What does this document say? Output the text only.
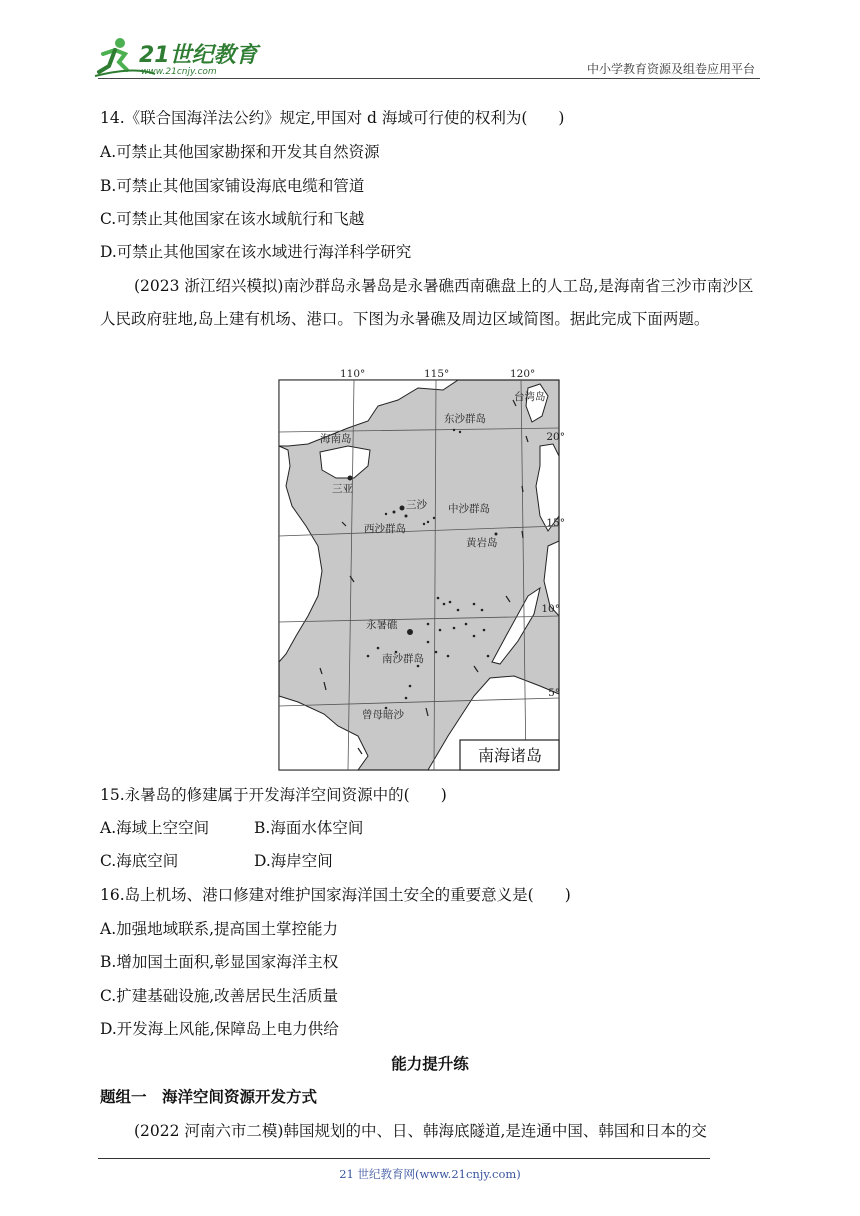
21世纪教育
www.21cnjy.com	中小学教育资源及组卷应用平台
14.《联合国海洋法公约》规定,甲国对 d 海域可行使的权利为(　　)
A.可禁止其他国家勘探和开发其自然资源
B.可禁止其他国家铺设海底电缆和管道
C.可禁止其他国家在该水域航行和飞越
D.可禁止其他国家在该水域进行海洋科学研究
(2023 浙江绍兴模拟)南沙群岛永暑岛是永暑礁西南礁盘上的人工岛,是海南省三沙市南沙区人民政府驻地,岛上建有机场、港口。下图为永暑礁及周边区域简图。据此完成下面两题。
110°	115°	120°
20°
15°
10°
5°
台湾岛
东沙群岛
海南岛
三亚
三沙 中沙群岛
西沙群岛
黄岩岛
永暑礁
南沙群岛
曾母暗沙
南海诸岛
15.永暑岛的修建属于开发海洋空间资源中的(　　)
A.海域上空空间	B.海面水体空间
C.海底空间	D.海岸空间
16.岛上机场、港口修建对维护国家海洋国土安全的重要意义是(　　)
A.加强地域联系,提高国土掌控能力
B.增加国土面积,彰显国家海洋主权
C.扩建基础设施,改善居民生活质量
D.开发海上风能,保障岛上电力供给
能力提升练
题组一　海洋空间资源开发方式
(2022 河南六市二模)韩国规划的中、日、韩海底隧道,是连通中国、韩国和日本的交
21 世纪教育网(www.21cnjy.com)
